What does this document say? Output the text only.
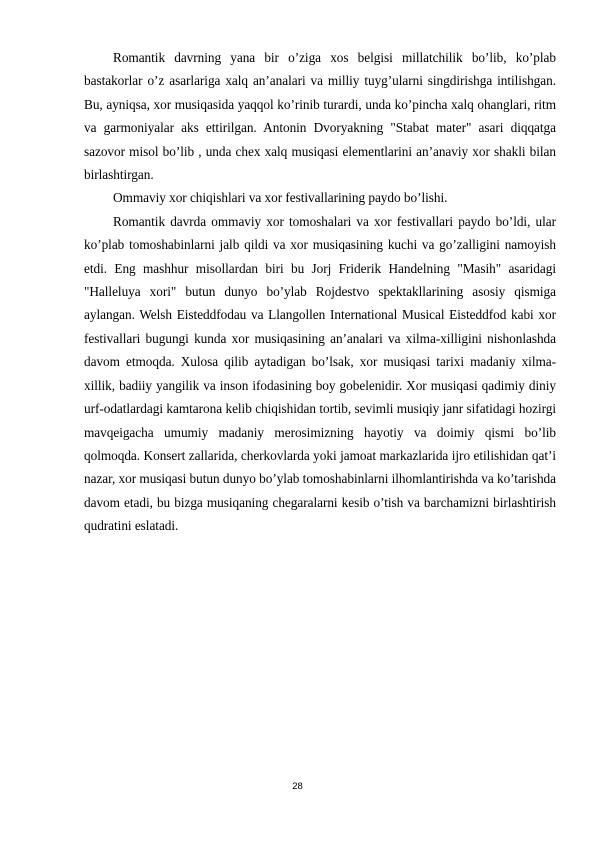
Romantik davrning yana bir o’ziga xos belgisi millatchilik bo’lib, ko’plab bastakorlar o’z asarlariga xalq an’analari va milliy tuyg’ularni singdirishga intilishgan. Bu, ayniqsa, xor musiqasida yaqqol ko’rinib turardi, unda ko’pincha xalq ohanglari, ritm va garmoniyalar aks ettirilgan. Antonin Dvoryakning "Stabat mater" asari diqqatga sazovor misol bo’lib , unda chex xalq musiqasi elementlarini an’anaviy xor shakli bilan birlashtirgan.

Ommaviy xor chiqishlari va xor festivallarining paydo bo’lishi.

Romantik davrda ommaviy xor tomoshalari va xor festivallari paydo bo’ldi, ular ko’plab tomoshabinlarni jalb qildi va xor musiqasining kuchi va go’zalligini namoyish etdi. Eng mashhur misollardan biri bu Jorj Friderik Handelning "Masih" asaridagi "Halleluya xori" butun dunyo bo’ylab Rojdestvo spektakllarining asosiy qismiga aylangan. Welsh Eisteddfodau va Llangollen International Musical Eisteddfod kabi xor festivallari bugungi kunda xor musiqasining an’analari va xilma-xilligini nishonlashda davom etmoqda. Xulosa qilib aytadigan bo’lsak, xor musiqasi tarixi madaniy xilma-xillik, badiiy yangilik va inson ifodasining boy gobelenidir. Xor musiqasi qadimiy diniy urf-odatlardagi kamtarona kelib chiqishidan tortib, sevimli musiqiy janr sifatidagi hozirgi mavqeigacha umumiy madaniy merosimizning hayotiy va doimiy qismi bo’lib qolmoqda. Konsert zallarida, cherkovlarda yoki jamoat markazlarida ijro etilishidan qat’i nazar, xor musiqasi butun dunyo bo’ylab tomoshabinlarni ilhomlantirishda va ko’tarishda davom etadi, bu bizga musiqaning chegaralarni kesib o’tish va barchamizni birlashtirish qudratini eslatadi.

28
